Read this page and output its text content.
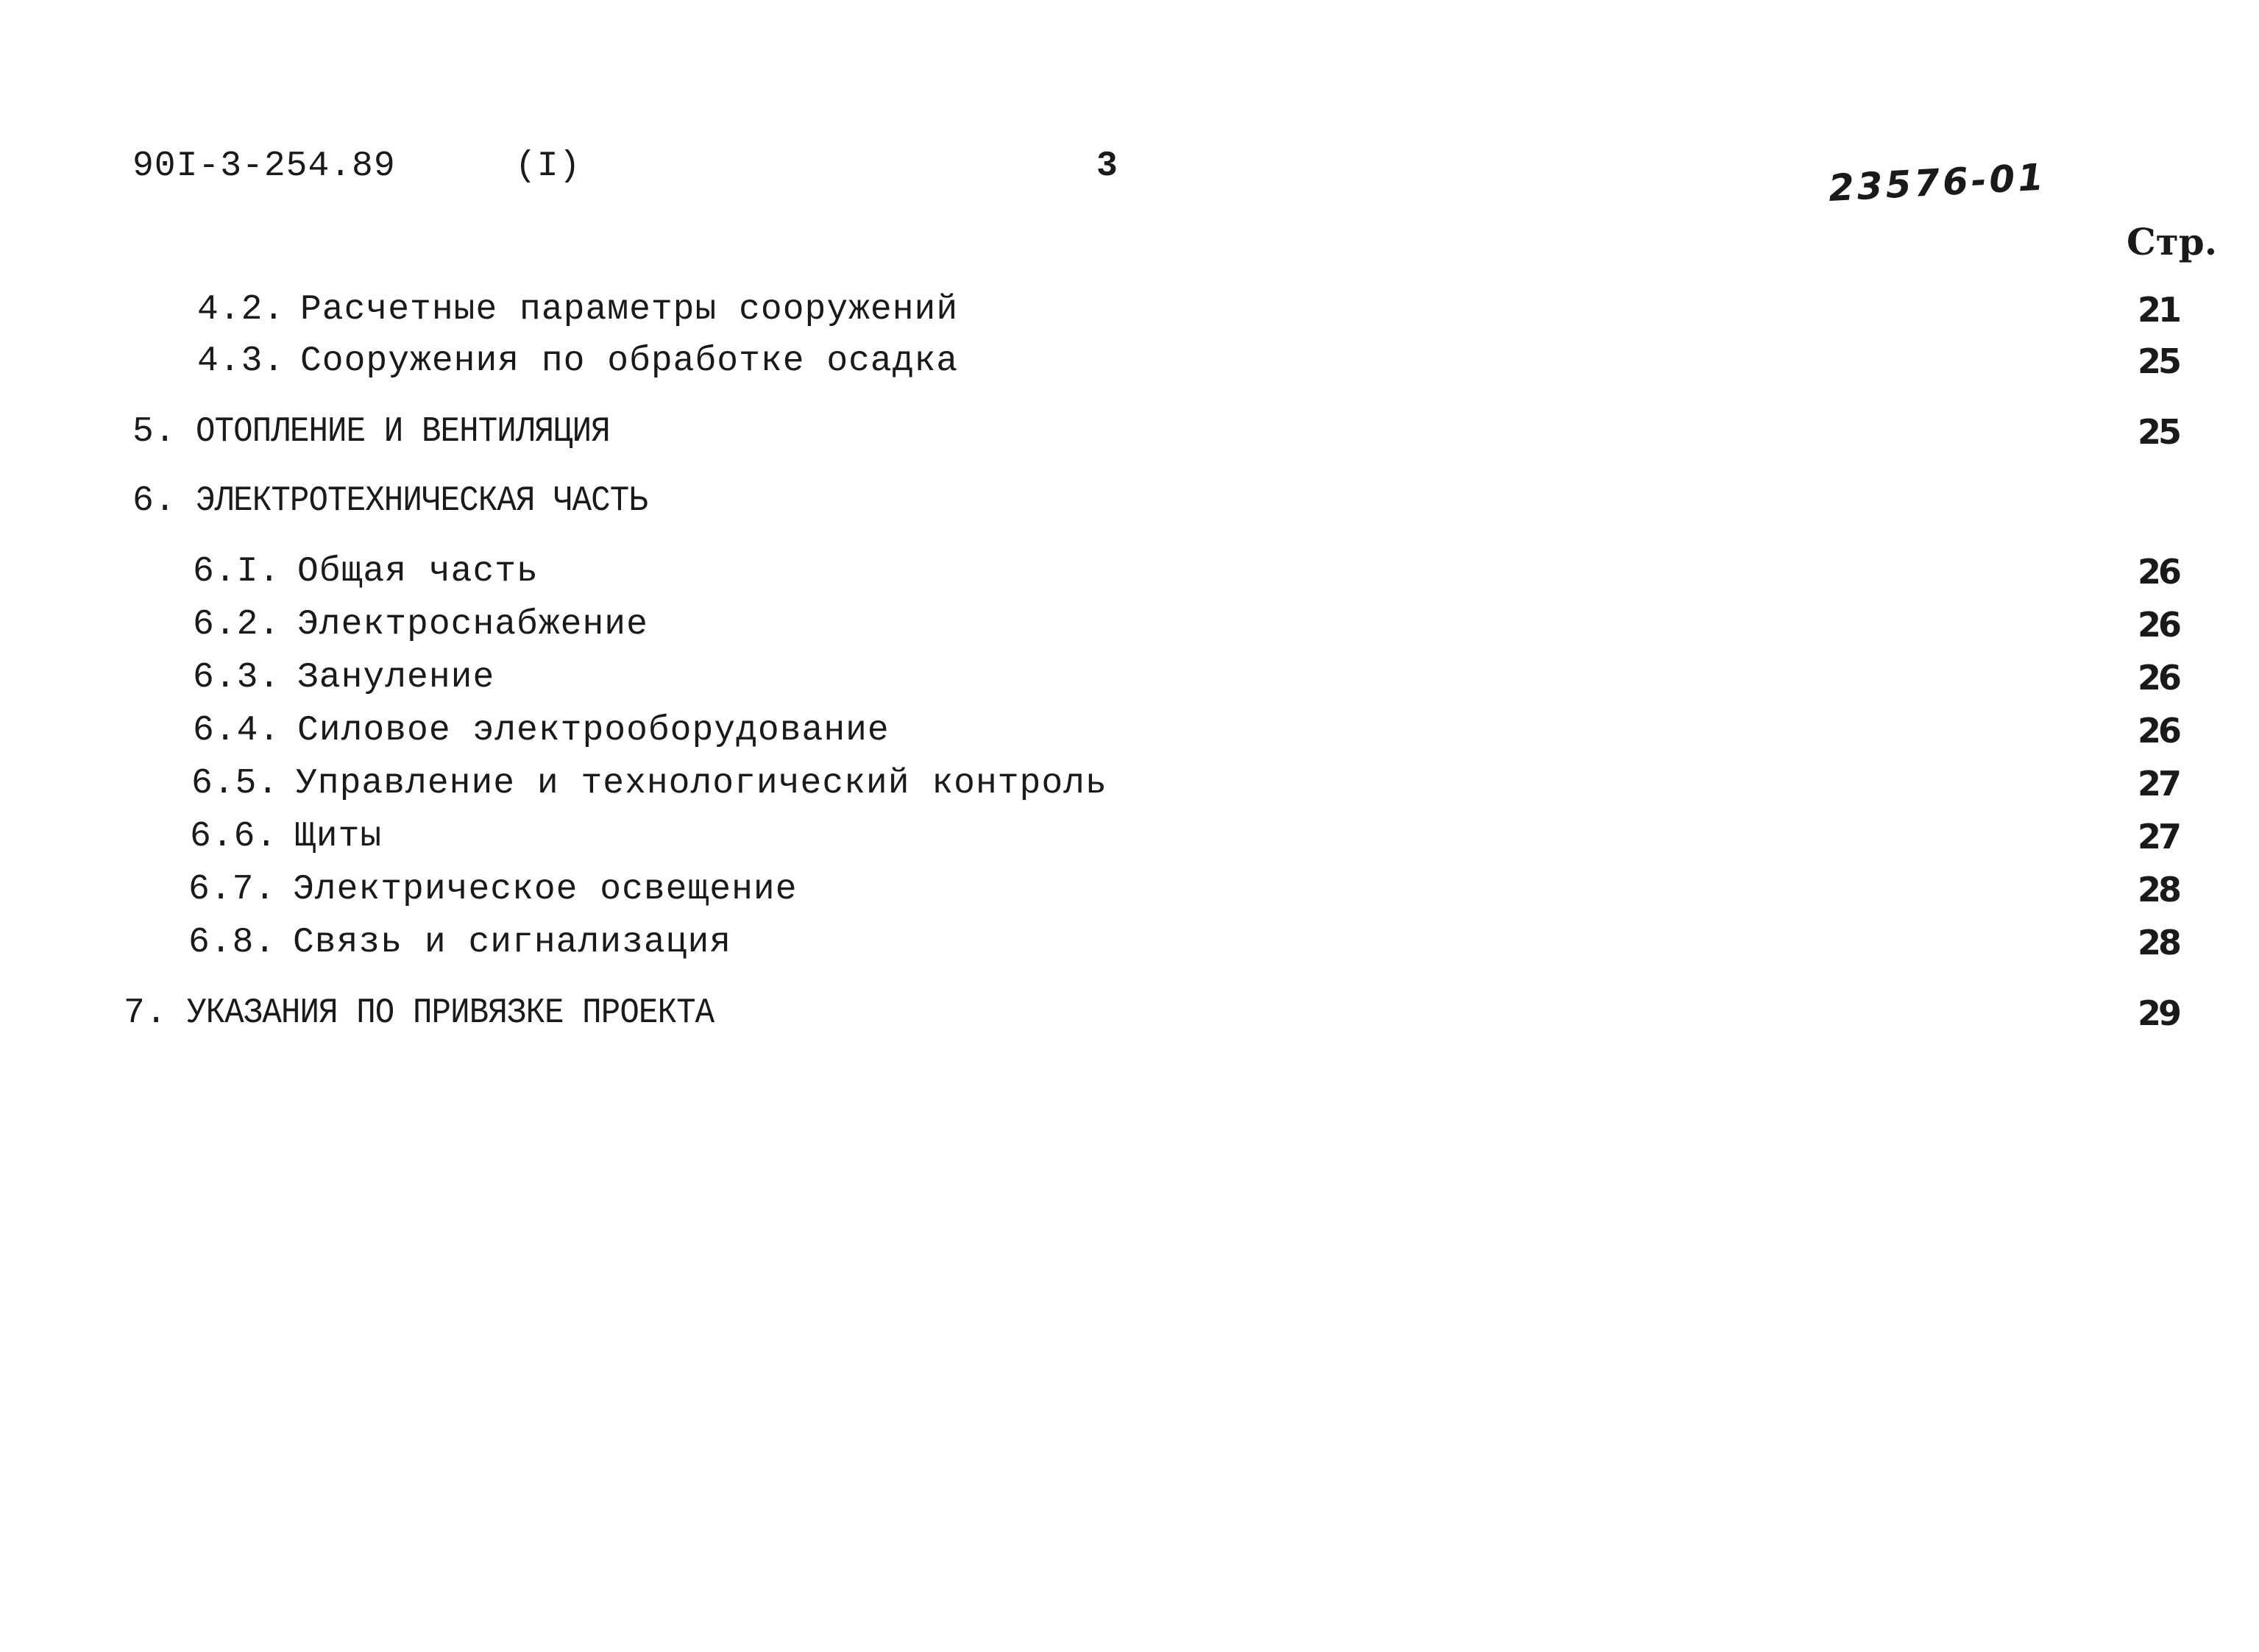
90I-3-254.89	(I)	3	23576-01
Стр.
4.2. Расчетные параметры сооружений	21
4.3. Сооружения по обработке осадка	25
5. ОТОПЛЕНИЕ И ВЕНТИЛЯЦИЯ	25
6. ЭЛЕКТРОТЕХНИЧЕСКАЯ ЧАСТЬ
6.I. Общая часть	26
6.2. Электроснабжение	26
6.3. Зануление	26
6.4. Силовое электрооборудование	26
6.5. Управление и технологический контроль	27
6.6. Щиты	27
6.7. Электрическое освещение	28
6.8. Связь и сигнализация	28
7. УКАЗАНИЯ ПО ПРИВЯЗКЕ ПРОЕКТА	29
